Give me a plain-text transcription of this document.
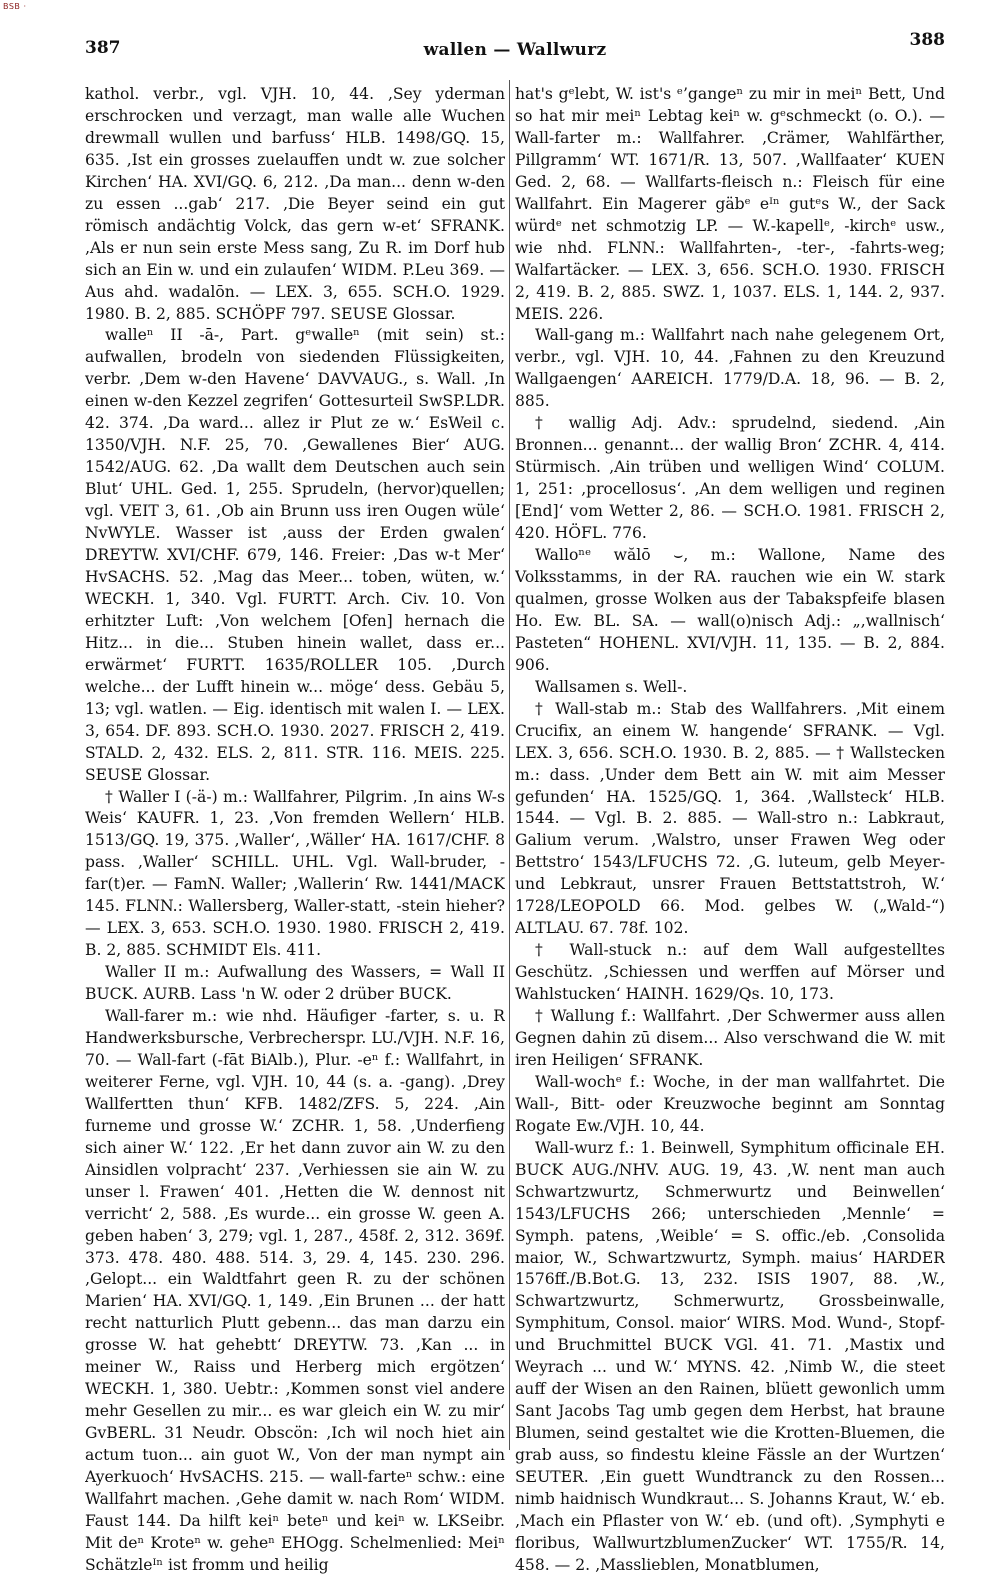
BSB ·
387	wallen — Wallwurz	388

kathol. verbr., vgl. VJH. 10, 44. ‚Sey yderman erschrocken und verzagt, man walle alle Wuchen drewmall wullen und barfuss‘ HLB. 1498/GQ. 15, 635. ‚Ist ein grosses zuelauffen undt w. zue solcher Kirchen‘ HA. XVI/GQ. 6, 212. ‚Da man... denn w-den zu essen ...gab‘ 217. ‚Die Beyer seind ein gut römisch andächtig Volck, das gern w-et‘ SFRANK. ‚Als er nun sein erste Mess sang, Zu R. im Dorf hub sich an Ein w. und ein zulaufen‘ WIDM. P.Leu 369. — Aus ahd. wadalōn. — LEX. 3, 655. SCH.O. 1929. 1980. B. 2, 885. SCHÖPF 797. SEUSE Glossar.

walleⁿ II -ā-, Part. gᵉwalleⁿ (mit sein) st.: aufwallen, brodeln von siedenden Flüssigkeiten, verbr. ‚Dem w-den Havene‘ DAVVAUG., s. Wall. ‚In einen w-den Kezzel zegrifen‘ Gottesurteil SwSP.LDR. 42. 374. ‚Da ward... allez ir Plut ze w.‘ EsWeil c. 1350/VJH. N.F. 25, 70. ‚Gewallenes Bier‘ AUG. 1542/AUG. 62. ‚Da wallt dem Deutschen auch sein Blut‘ UHL. Ged. 1, 255. Sprudeln, (hervor)quellen; vgl. VEIT 3, 61. ‚Ob ain Brunn uss iren Ougen wüle‘ NvWYLE. Wasser ist ‚auss der Erden gwalen‘ DREYTW. XVI/CHF. 679, 146. Freier: ‚Das w-t Mer‘ HvSACHS. 52. ‚Mag das Meer... toben, wüten, w.‘ WECKH. 1, 340. Vgl. FURTT. Arch. Civ. 10. Von erhitzter Luft: ‚Von welchem [Ofen] hernach die Hitz... in die... Stuben hinein wallet, dass er... erwärmet‘ FURTT. 1635/ROLLER 105. ‚Durch welche... der Lufft hinein w... möge‘ dess. Gebäu 5, 13; vgl. watlen. — Eig. identisch mit walen I. — LEX. 3, 654. DF. 893. SCH.O. 1930. 2027. FRISCH 2, 419. STALD. 2, 432. ELS. 2, 811. STR. 116. MEIS. 225. SEUSE Glossar.

† Waller I (-ä-) m.: Wallfahrer, Pilgrim. ‚In ains W-s Weis‘ KAUFR. 1, 23. ‚Von fremden Wellern‘ HLB. 1513/GQ. 19, 375. ‚Waller‘, ‚Wäller‘ HA. 1617/CHF. 8 pass. ‚Waller‘ SCHILL. UHL. Vgl. Wall-bruder, -far(t)er. — FamN. Waller; ‚Wallerin‘ Rw. 1441/MACK 145. FLNN.: Wallersberg, Waller-statt, -stein hieher? — LEX. 3, 653. SCH.O. 1930. 1980. FRISCH 2, 419. B. 2, 885. SCHMIDT Els. 411.

Waller II m.: Aufwallung des Wassers, = Wall II BUCK. AURB. Lass 'n W. oder 2 drüber BUCK.

Wall-farer m.: wie nhd. Häufiger -farter, s. u. R Handwerksbursche, Verbrecherspr. LU./VJH. N.F. 16, 70. — Wall-fart (-fāt BiAlb.), Plur. -eⁿ f.: Wallfahrt, in weiterer Ferne, vgl. VJH. 10, 44 (s. a. -gang). ‚Drey Wallfertten thun‘ KFB. 1482/ZFS. 5, 224. ‚Ain furneme und grosse W.‘ ZCHR. 1, 58. ‚Underfieng sich ainer W.‘ 122. ‚Er het dann zuvor ain W. zu den Ainsidlen volpracht‘ 237. ‚Verhiessen sie ain W. zu unser l. Frawen‘ 401. ‚Hetten die W. dennost nit verricht‘ 2, 588. ‚Es wurde... ein grosse W. geen A. geben haben‘ 3, 279; vgl. 1, 287., 458f. 2, 312. 369f. 373. 478. 480. 488. 514. 3, 29. 4, 145. 230. 296. ‚Gelopt... ein Waldtfahrt geen R. zu der schönen Marien‘ HA. XVI/GQ. 1, 149. ‚Ein Brunen ... der hatt recht natturlich Plutt gebenn... das man darzu ein grosse W. hat gehebtt‘ DREYTW. 73. ‚Kan ... in meiner W., Raiss und Herberg mich ergötzen‘ WECKH. 1, 380. Uebtr.: ‚Kommen sonst viel andere mehr Gesellen zu mir... es war gleich ein W. zu mir‘ GvBERL. 31 Neudr. Obscön: ‚Ich wil noch hiet ain actum tuon... ain guot W., Von der man nympt ain Ayerkuoch‘ HvSACHS. 215. — wall-farteⁿ schw.: eine Wallfahrt machen. ‚Gehe damit w. nach Rom‘ WIDM. Faust 144. Da hilft keiⁿ beteⁿ und keiⁿ w. LKSeibr. Mit deⁿ Kroteⁿ w. geheⁿ EHOgg. Schelmenlied: Meiⁿ Schätzleᴵⁿ ist fromm und heilig

hat's gᵉlebt, W. ist's ᵉ’gangeⁿ zu mir in meiⁿ Bett, Und so hat mir meiⁿ Lebtag keiⁿ w. gᵉschmeckt (o. O.). — Wall-farter m.: Wallfahrer. ‚Crämer, Wahlfärther, Pillgramm‘ WT. 1671/R. 13, 507. ‚Wallfaater‘ KUEN Ged. 2, 68. — Wallfarts-fleisch n.: Fleisch für eine Wallfahrt. Ein Magerer gäbᵉ eᴵⁿ gutᵉs W., der Sack würdᵉ net schmotzig LP. — W.-kapellᵉ, -kirchᵉ usw., wie nhd. FLNN.: Wallfahrten-, -ter-, -fahrts-weg; Walfartäcker. — LEX. 3, 656. SCH.O. 1930. FRISCH 2, 419. B. 2, 885. SWZ. 1, 1037. ELS. 1, 144. 2, 937. MEIS. 226.

Wall-gang m.: Wallfahrt nach nahe gelegenem Ort, verbr., vgl. VJH. 10, 44. ‚Fahnen zu den Kreuzund Wallgaengen‘ AAREICH. 1779/D.A. 18, 96. — B. 2, 885.

† wallig Adj. Adv.: sprudelnd, siedend. ‚Ain Bronnen... genannt... der wallig Bron‘ ZCHR. 4, 414. Stürmisch. ‚Ain trüben und welligen Wind‘ COLUM. 1, 251: ‚procellosus‘. ‚An dem welligen und reginen [End]‘ vom Wetter 2, 86. — SCH.O. 1981. FRISCH 2, 420. HÖFL. 776.

Walloⁿᵉ wălō ⌣, m.: Wallone, Name des Volksstamms, in der RA. rauchen wie ein W. stark qualmen, grosse Wolken aus der Tabakspfeife blasen Ho. Ew. BL. SA. — wall(o)nisch Adj.: „‚wallnisch‘ Pasteten“ HOHENL. XVI/VJH. 11, 135. — B. 2, 884. 906.

Wallsamen s. Well-.

† Wall-stab m.: Stab des Wallfahrers. ‚Mit einem Crucifix, an einem W. hangende‘ SFRANK. — Vgl. LEX. 3, 656. SCH.O. 1930. B. 2, 885. — † Wallstecken m.: dass. ‚Under dem Bett ain W. mit aim Messer gefunden‘ HA. 1525/GQ. 1, 364. ‚Wallsteck‘ HLB. 1544. — Vgl. B. 2. 885. — Wall-stro n.: Labkraut, Galium verum. ‚Walstro, unser Frawen Weg oder Bettstro‘ 1543/LFUCHS 72. ‚G. luteum, gelb Meyer- und Lebkraut, unsrer Frauen Bettstattstroh, W.‘ 1728/LEOPOLD 66. Mod. gelbes W. („Wald-“) ALTLAU. 67. 78f. 102.

† Wall-stuck n.: auf dem Wall aufgestelltes Geschütz. ‚Schiessen und werffen auf Mörser und Wahlstucken‘ HAINH. 1629/Qs. 10, 173.

† Wallung f.: Wallfahrt. ‚Der Schwermer auss allen Gegnen dahin zū disem... Also verschwand die W. mit iren Heiligen‘ SFRANK.

Wall-wochᵉ f.: Woche, in der man wallfahrtet. Die Wall-, Bitt- oder Kreuzwoche beginnt am Sonntag Rogate Ew./VJH. 10, 44.

Wall-wurz f.: 1. Beinwell, Symphitum officinale EH. BUCK AUG./NHV. AUG. 19, 43. ‚W. nent man auch Schwartzwurtz, Schmerwurtz und Beinwellen‘ 1543/LFUCHS 266; unterschieden ‚Mennle‘ = Symph. patens, ‚Weible‘ = S. offic./eb. ‚Consolida maior, W., Schwartzwurtz, Symph. maius‘ HARDER 1576ff./B.Bot.G. 13, 232. ISIS 1907, 88. ‚W., Schwartzwurtz, Schmerwurtz, Grossbeinwalle, Symphitum, Consol. maior‘ WIRS. Mod. Wund-, Stopf- und Bruchmittel BUCK VGl. 41. 71. ‚Mastix und Weyrach ... und W.‘ MYNS. 42. ‚Nimb W., die steet auff der Wisen an den Rainen, blüett gewonlich umm Sant Jacobs Tag umb gegen dem Herbst, hat braune Blumen, seind gestaltet wie die Krotten-Bluemen, die grab auss, so findestu kleine Fässle an der Wurtzen‘ SEUTER. ‚Ein guett Wundtranck zu den Rossen... nimb haidnisch Wundkraut... S. Johanns Kraut, W.‘ eb. ‚Mach ein Pflaster von W.‘ eb. (und oft). ‚Symphyti e floribus, WallwurtzblumenZucker‘ WT. 1755/R. 14, 458. — 2. ‚Masslieblen, Monatblumen,
